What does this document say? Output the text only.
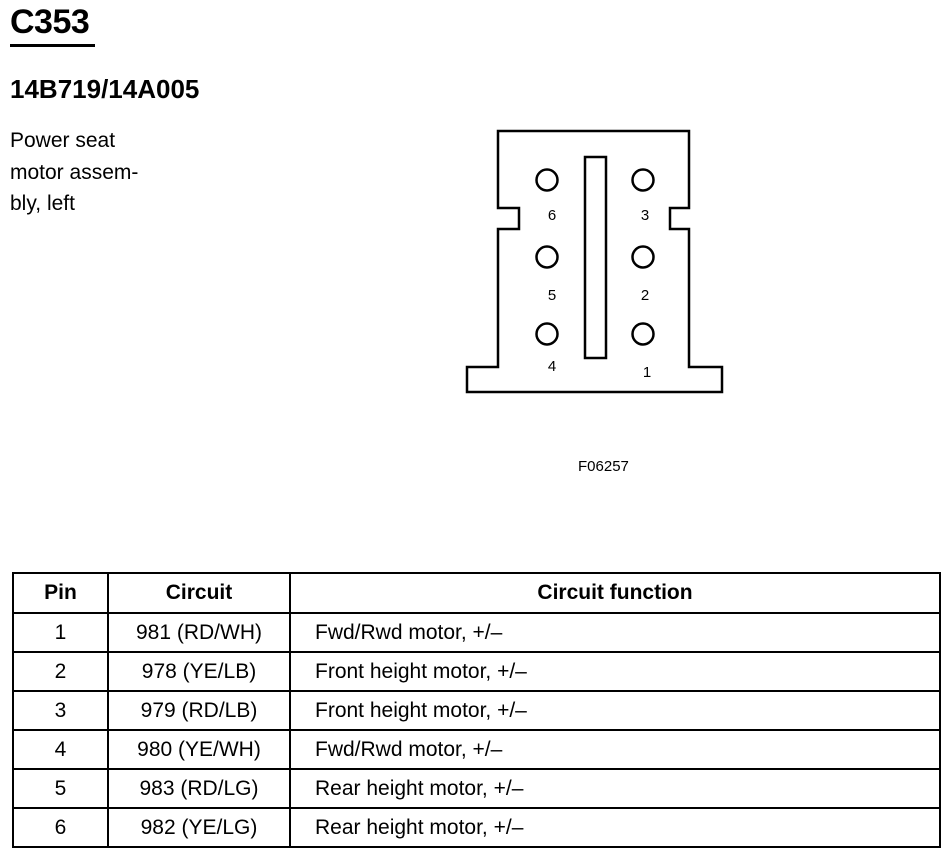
C353
14B719/14A005

Power seat
motor assem-
bly, left

6	3
5	2
4	1
F06257
Pin	Circuit	Circuit function
1	981 (RD/WH)	Fwd/Rwd motor, +/–
2	978 (YE/LB)	Front height motor, +/–
3	979 (RD/LB)	Front height motor, +/–
4	980 (YE/WH)	Fwd/Rwd motor, +/–
5	983 (RD/LG)	Rear height motor, +/–
6	982 (YE/LG)	Rear height motor, +/–
